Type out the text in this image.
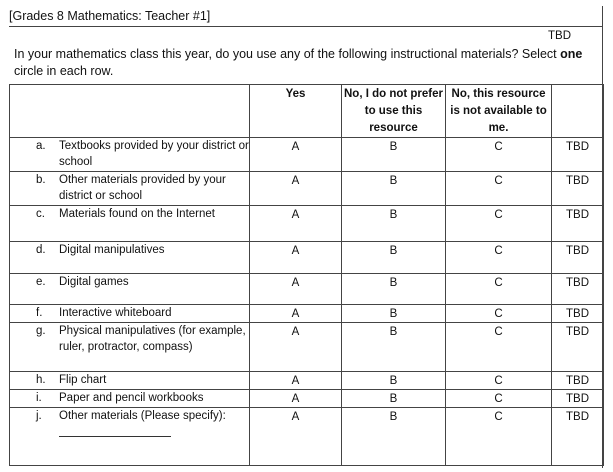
[Grades 8 Mathematics: Teacher #1]
TBD
In your mathematics class this year, do you use any of the following instructional materials? Select one circle in each row.
	Yes	No, I do not prefer to use this resource	No, this resource is not available to me.	

a. Textbooks provided by your district or school	A	B	C	TBD

b. Other materials provided by your district or school	A	B	C	TBD

c. Materials found on the Internet	A	B	C	TBD

d. Digital manipulatives	A	B	C	TBD

e. Digital games	A	B	C	TBD

f. Interactive whiteboard	A	B	C	TBD

g. Physical manipulatives (for example, ruler, protractor, compass)	A	B	C	TBD

h. Flip chart	A	B	C	TBD

i. Paper and pencil workbooks	A	B	C	TBD

j. Other materials (Please specify):	A	B	C	TBD
